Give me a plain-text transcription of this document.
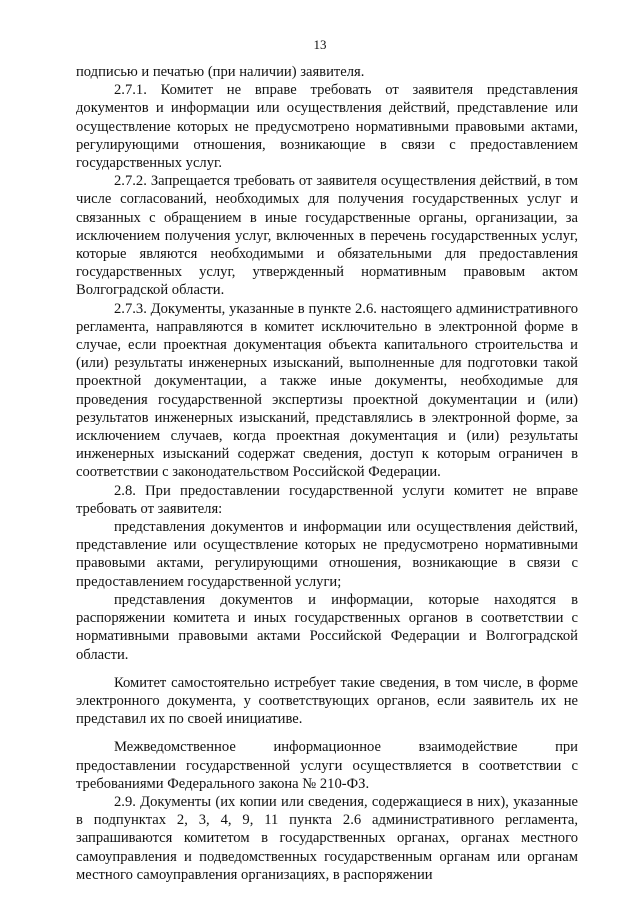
13

подписью и печатью (при наличии) заявителя.

2.7.1. Комитет не вправе требовать от заявителя представления документов и информации или осуществления действий, представление или осуществление которых не предусмотрено нормативными правовыми актами, регулирующими отношения, возникающие в связи с предоставлением государственных услуг.

2.7.2. Запрещается требовать от заявителя осуществления действий, в том числе согласований, необходимых для получения государственных услуг и связанных с обращением в иные государственные органы, организации, за исключением получения услуг, включенных в перечень государственных услуг, которые являются необходимыми и обязательными для предоставления государственных услуг, утвержденный нормативным правовым актом Волгоградской области.

2.7.3. Документы, указанные в пункте 2.6. настоящего административного регламента, направляются в комитет исключительно в электронной форме в случае, если проектная документация объекта капитального строительства и (или) результаты инженерных изысканий, выполненные для подготовки такой проектной документации, а также иные документы, необходимые для проведения государственной экспертизы проектной документации и (или) результатов инженерных изысканий, представлялись в электронной форме, за исключением случаев, когда проектная документация и (или) результаты инженерных изысканий содержат сведения, доступ к которым ограничен в соответствии с законодательством Российской Федерации.

2.8. При предоставлении государственной услуги комитет не вправе требовать от заявителя:

представления документов и информации или осуществления действий, представление или осуществление которых не предусмотрено нормативными правовыми актами, регулирующими отношения, возникающие в связи с предоставлением государственной услуги;

представления документов и информации, которые находятся в распоряжении комитета и иных государственных органов в соответствии с нормативными правовыми актами Российской Федерации и Волгоградской области.

Комитет самостоятельно истребует такие сведения, в том числе, в форме электронного документа, у соответствующих органов, если заявитель их не представил их по своей инициативе.

Межведомственное информационное взаимодействие при предоставлении государственной услуги осуществляется в соответствии с требованиями Федерального закона № 210-ФЗ.

2.9. Документы (их копии или сведения, содержащиеся в них), указанные в подпунктах 2, 3, 4, 9, 11 пункта 2.6 административного регламента, запрашиваются комитетом в государственных органах, органах местного самоуправления и подведомственных государственным органам или органам местного самоуправления организациях, в распоряжении
